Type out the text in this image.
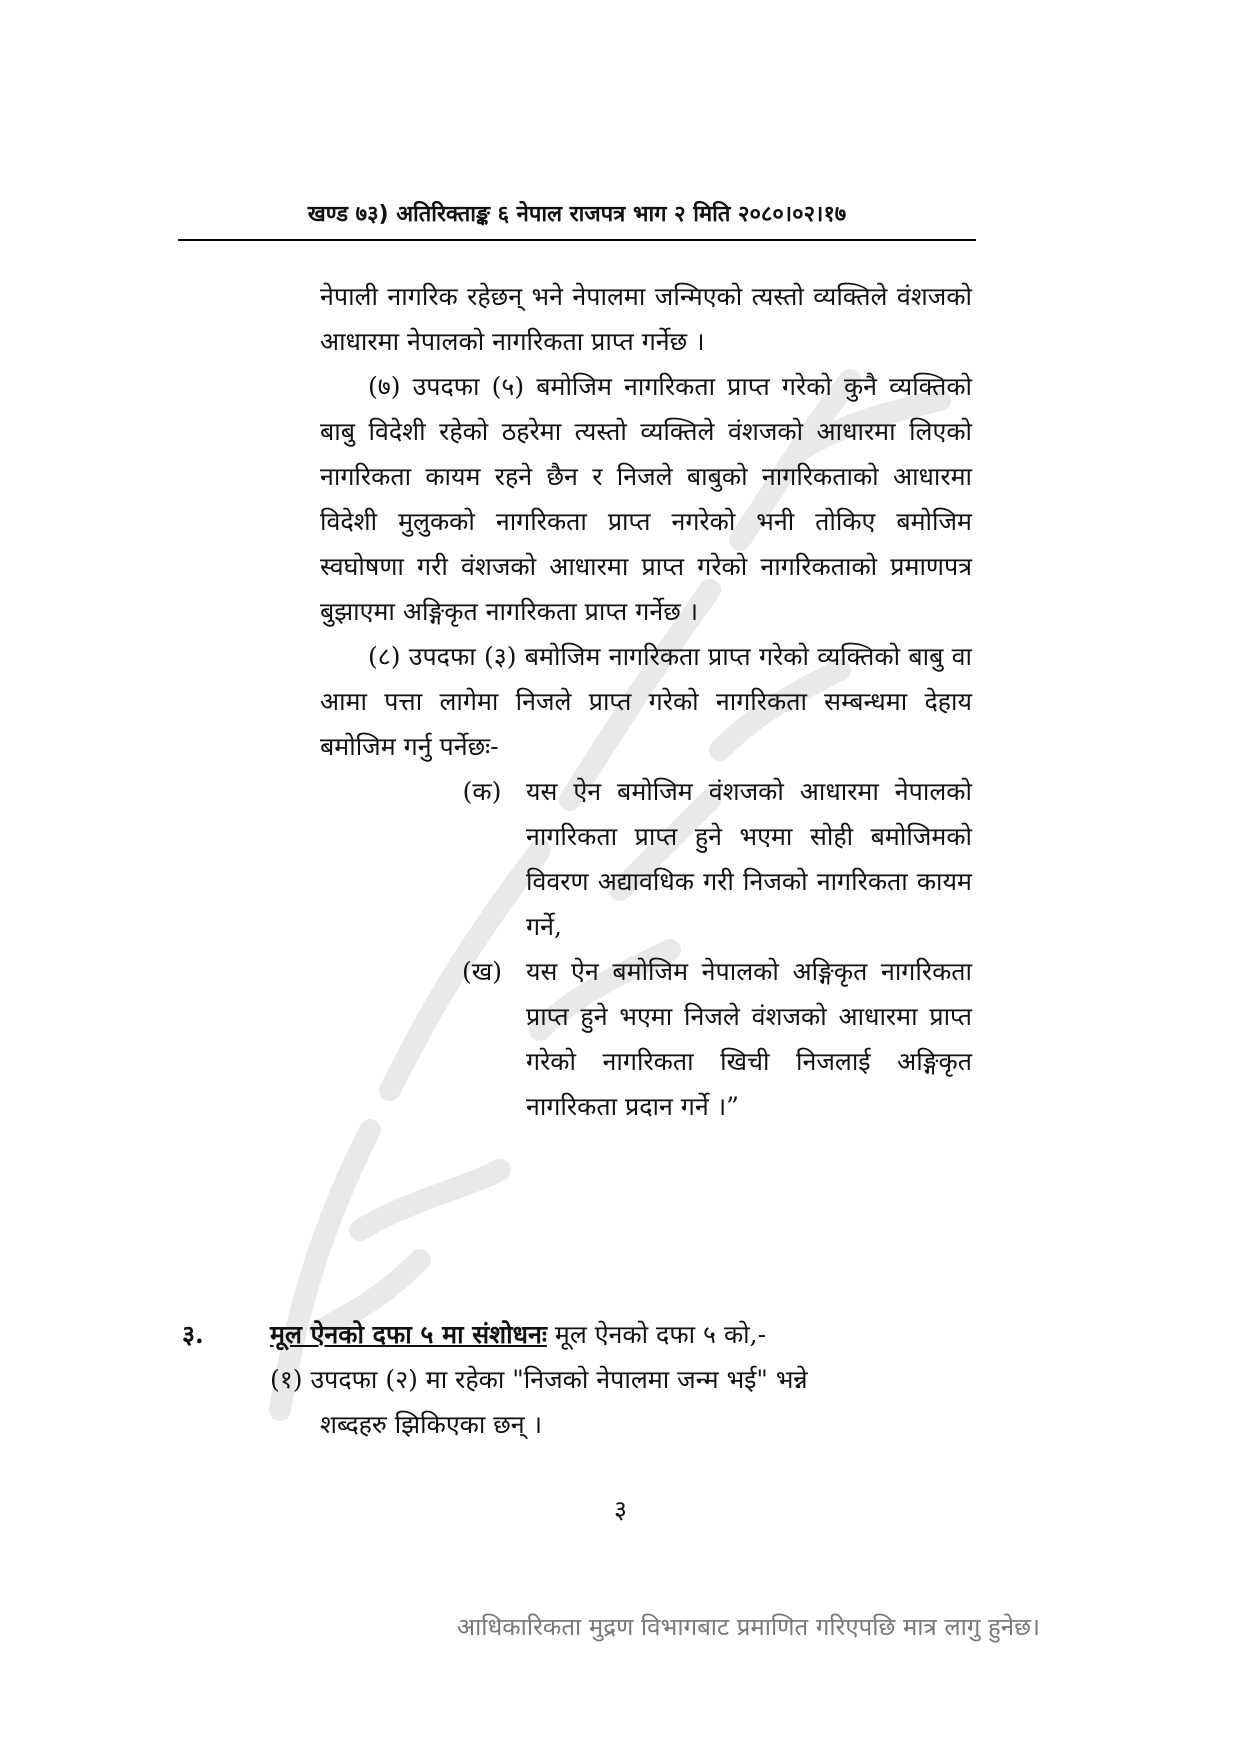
खण्ड ७३) अतिरिक्ताङ्क ६ नेपाल राजपत्र भाग २ मिति २०८०।०२।१७

नेपाली नागरिक रहेछन् भने नेपालमा जन्मिएको त्यस्तो व्यक्तिले वंशजको आधारमा नेपालको नागरिकता प्राप्त गर्नेछ ।

(७) उपदफा (५) बमोजिम नागरिकता प्राप्त गरेको कुनै व्यक्तिको बाबु विदेशी रहेको ठहरेमा त्यस्तो व्यक्तिले वंशजको आधारमा लिएको नागरिकता कायम रहने छैन र निजले बाबुको नागरिकताको आधारमा विदेशी मुलुकको नागरिकता प्राप्त नगरेको भनी तोकिए बमोजिम स्वघोषणा गरी वंशजको आधारमा प्राप्त गरेको नागरिकताको प्रमाणपत्र बुझाएमा अङ्गिकृत नागरिकता प्राप्त गर्नेछ ।

(८) उपदफा (३) बमोजिम नागरिकता प्राप्त गरेको व्यक्तिको बाबु वा आमा पत्ता लागेमा निजले प्राप्त गरेको नागरिकता सम्बन्धमा देहाय बमोजिम गर्नु पर्नेछः-

(क) यस ऐन बमोजिम वंशजको आधारमा नेपालको नागरिकता प्राप्त हुने भएमा सोही बमोजिमको विवरण अद्यावधिक गरी निजको नागरिकता कायम गर्ने,
(ख) यस ऐन बमोजिम नेपालको अङ्गिकृत नागरिकता प्राप्त हुने भएमा निजले वंशजको आधारमा प्राप्त गरेको नागरिकता खिची निजलाई अङ्गिकृत नागरिकता प्रदान गर्ने ।”
३.	मूल ऐनको दफा ५ मा संशोधनः मूल ऐनको दफा ५ को,-
(१) उपदफा (२) मा रहेका "निजको नेपालमा जन्म भई" भन्ने
शब्दहरु झिकिएका छन् ।
३
आधिकारिकता मुद्रण विभागबाट प्रमाणित गरिएपछि मात्र लागु हुनेछ।
